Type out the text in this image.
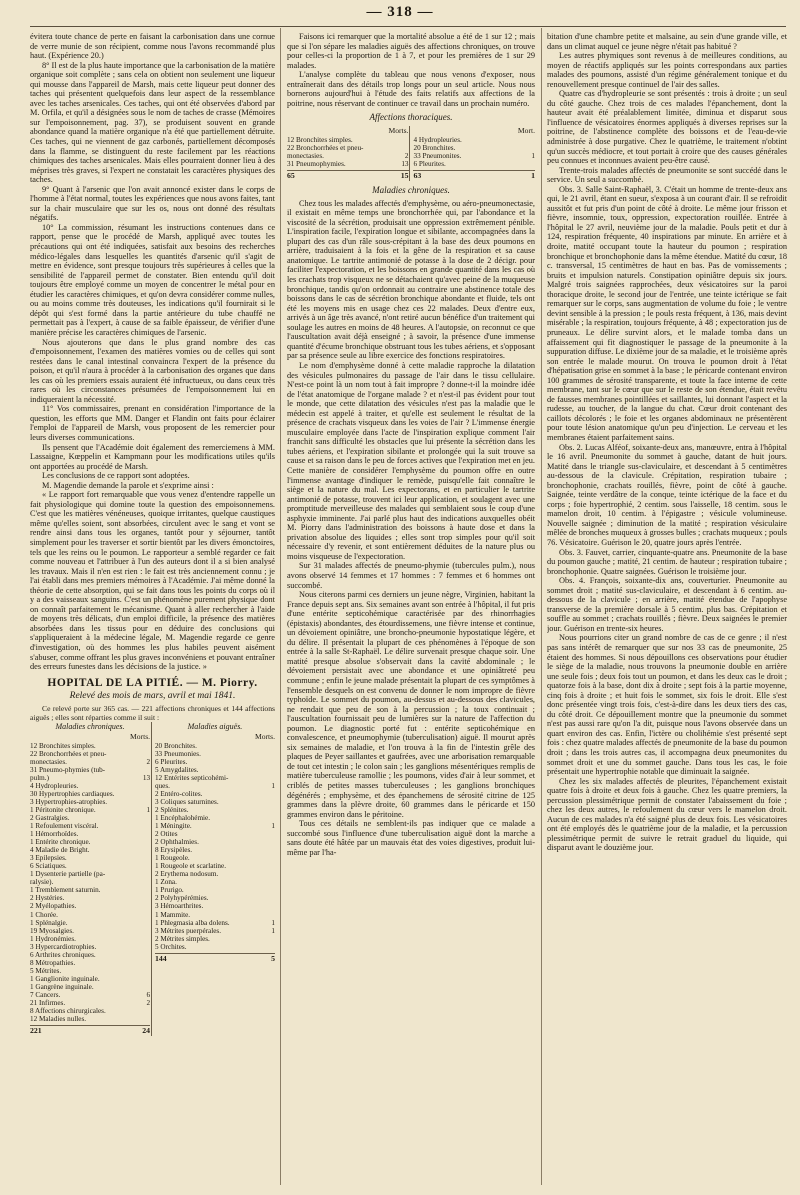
— 318 —

évitera toute chance de perte en faisant la carbonisation dans une cornue de verre munie de son récipient, comme nous l'avons recommandé plus haut. (Expérience 20.)

8° Il est de la plus haute importance que la carbonisation de la matière organique soit complète ; sans cela on obtient non seulement une liqueur qui mousse dans l'appareil de Marsh, mais cette liqueur peut donner des taches qui présentent quelquefois dans leur aspect de la ressemblance avec les taches arsenicales. Ces taches, qui ont été observées d'abord par M. Orfila, et qu'il a désignées sous le nom de taches de crasse (Mémoires sur l'empoisonnement, pag. 37), se produisent souvent en grande abondance quand la matière organique n'a été que partiellement détruite. Ces taches, qui ne viennent de gaz carbonés, partiellement décomposés dans la flamme, se distinguent du reste facilement par les réactions chimiques des taches arsenicales. Mais elles pourraient donner lieu à des méprises très graves, si l'expert ne constatait les caractères physiques des taches.

9° Quant à l'arsenic que l'on avait annoncé exister dans le corps de l'homme à l'état normal, toutes les expériences que nous avons faites, tant sur la chair musculaire que sur les os, nous ont donné des résultats négatifs.

10° La commission, résumant les instructions contenues dans ce rapport, pense que le procédé de Marsh, appliqué avec toutes les précautions qui ont été indiquées, satisfait aux besoins des recherches médico-légales dans lesquelles les quantités d'arsenic qu'il s'agit de mettre en évidence, sont presque toujours très supérieures à celles que la sensibilité de l'appareil permet de constater. Bien entendu qu'il doit toujours être employé comme un moyen de concentrer le métal pour en étudier les caractères chimiques, et qu'on devra considérer comme nulles, ou au moins comme très douteuses, les indications qu'il fournirait si le dépôt qui s'est formé dans la partie antérieure du tube chauffé ne permettait pas à l'expert, à cause de sa faible épaisseur, de vérifier d'une manière précise les caractères chimiques de l'arsenic.

Nous ajouterons que dans le plus grand nombre des cas d'empoisonnement, l'examen des matières vomies ou de celles qui sont restées dans le canal intestinal convaincra l'expert de la présence du poison, et qu'il n'aura à procéder à la carbonisation des organes que dans les cas où les premiers essais auraient été infructueux, ou dans ceux très rares où les circonstances présumées de l'empoisonnement lui en indiqueraient la nécessité.

11° Vos commissaires, prenant en considération l'importance de la question, les efforts que MM. Danger et Flandin ont faits pour éclairer l'emploi de l'appareil de Marsh, vous proposent de les remercier pour leurs diverses communications.

Ils pensent que l'Académie doit également des remerciemens à MM. Lassaigne, Kœppelin et Kampmann pour les modifications utiles qu'ils ont apportées au procédé de Marsh.

Les conclusions de ce rapport sont adoptées.

M. Magendie demande la parole et s'exprime ainsi :

« Le rapport fort remarquable que vous venez d'entendre rappelle un fait physiologique qui domine toute la question des empoisonnemens. C'est que les matières vénéneuses, quoique irritantes, quelque caustiques même qu'elles soient, sont absorbées, circulent avec le sang et vont se rendre ainsi dans tous les organes, tantôt pour y séjourner, tantôt simplement pour les traverser et sortir bientôt par les divers émonctoires, tels que les reins ou le poumon. Le rapporteur a semblé regarder ce fait comme nouveau et l'attribuer à l'un des auteurs dont il a si bien analysé les travaux. Mais il n'en est rien : le fait est très anciennement connu ; je l'ai établi dans mes premiers mémoires à l'Académie. J'ai même donné la théorie de cette absorption, qui se fait dans tous les points du corps où il y a des vaisseaux sanguins. C'est un phénomène purement physique dont on connaît parfaitement le mécanisme. Quant à aller rechercher à l'aide de moyens très délicats, d'un emploi difficile, la présence des matières absorbées dans les tissus pour en déduire des conclusions qui s'appliqueraient à la médecine légale, M. Magendie regarde ce genre d'investigation, où des hommes les plus habiles peuvent aisément s'abuser, comme offrant les plus graves inconvéniens et pouvant entraîner des erreurs funestes dans les décisions de la justice. »

HOPITAL DE LA PITIÉ. — M. Piorry.
Relevé des mois de mars, avril et mai 1841.

Ce relevé porte sur 365 cas. — 221 affections chroniques et 144 affections aiguës ; elles sont réparties comme il suit :

Maladies chroniques.
Morts.
12 Bronchites simples.
22 Bronchorrhées et pneu-
monectasies.	2
31 Pneumo-phymies (tub-
pulm.)	13
4 Hydropleuries.
30 Hypertrophies cardiaques.
3 Hypertrophies-atrophies.
1 Péritonite chronique.	1
2 Gastralgies.
1 Refoulement viscéral.
1 Hémorrhoïdes.
1 Entérite chronique.
4 Maladie de Bright.
3 Epilepsies.
6 Sciatiques.
1 Dysenterie partielle (pa-
ralysie).
1 Tremblement saturnin.
2 Hystéries.
2 Myélopathies.
1 Chorée.
1 Splénalgie.
19 Myosalgies.
1 Hydronémies.
3 Hypercardiotrophies.
6 Arthrites chroniques.
8 Métropathies.
5 Métrites.
1 Ganglionite inguinale.
1 Gangrène inguinale.
7 Cancers.	6
21 Infirmes.	2
8 Affections chirurgicales.
12 Maladies nulles.
221	24
Maladies aiguës.
Morts.
20 Bronchites.
33 Pneumonies.
6 Pleurites.
5 Amygdalites.
12 Entérites septicohémi-
ques.	1
2 Entéro-colites.
3 Coliques saturnines.
2 Splénites.
1 Encéphalohémie.
1 Méningite.	1
2 Otites
2 Ophthalmies.
8 Erysipèles.
1 Rougeole.
1 Rougeole et scarlatine.
2 Erythema nodosum.
1 Zona.
1 Prurigo.
2 Polyhypérémies.
3 Hémoarthrites.
1 Mammite.
1 Phlegmasia alba dolens.	1
3 Métrites puerpérales.	1
2 Métrites simples.
5 Orchites.
144	5

Faisons ici remarquer que la mortalité absolue a été de 1 sur 12 ; mais que si l'on sépare les maladies aiguës des affections chroniques, on trouve pour celles-ci la proportion de 1 à 7, et pour les premières de 1 sur 29 malades.

L'analyse complète du tableau que nous venons d'exposer, nous entraînerait dans des détails trop longs pour un seul article. Nous nous bornerons aujourd'hui à l'étude des faits relatifs aux affections de la poitrine, nous réservant de continuer ce travail dans un prochain numéro.

Affections thoraciques.
Morts.
12 Bronchites simples.
22 Bronchorrhées et pneu-
monectasies.	2
31 Pneumophymies.	13
65	15
Mort.
4 Hydropleuries.
20 Bronchites.
33 Pneumonites.	1
6 Pleurites.
63	1
Maladies chroniques.

Chez tous les malades affectés d'emphysème, ou aéro-pneumonectasie, il existait en même temps une bronchorrhée qui, par l'abondance et la viscosité de la sécrétion, produisait une oppression extrêmement pénible. L'inspiration facile, l'expiration longue et sibilante, accompagnées dans la plupart des cas d'un râle sous-crépitant à la base des deux poumons en arrière, traduisaient à la fois et la gêne de la respiration et sa cause anatomique. Le tartrite antimonié de potasse à la dose de 2 décigr. pour faciliter l'expectoration, et les boissons en grande quantité dans les cas où les crachats trop visqueux ne se détachaient qu'avec peine de la muqueuse bronchique, tandis qu'on ordonnait au contraire une abstinence totale des boissons dans le cas de sécrétion bronchique abondante et fluide, tels ont été les moyens mis en usage chez ces 22 malades. Deux d'entre eux, arrivés à un âge très avancé, n'ont retiré aucun bénéfice d'un traitement qui soulage les autres en moins de 48 heures. A l'autopsie, on reconnut ce que l'auscultation avait déjà enseigné ; à savoir, la présence d'une immense quantité d'écume bronchique obstruant tous les tubes aériens, et s'opposant par sa présence seule au libre exercice des fonctions respiratoires.

Le nom d'emphysème donné à cette maladie rapproche la dilatation des vésicules pulmonaires du passage de l'air dans le tissu cellulaire. N'est-ce point là un nom tout à fait impropre ? donne-t-il la moindre idée de l'état anatomique de l'organe malade ? et n'est-il pas évident pour tout le monde, que cette dilatation des vésicules n'est pas la maladie que le médecin est appelé à traiter, et qu'elle est seulement le résultat de la présence de crachats visqueux dans les voies de l'air ? L'immense énergie musculaire employée dans l'acte de l'inspiration explique comment l'air franchit sans difficulté les obstacles que lui présente la sécrétion dans les tubes aériens, et l'expiration sibilante et prolongée qui la suit trouve sa cause et sa raison dans le peu de forces actives que l'expiration met en jeu. Cette manière de considérer l'emphysème du poumon offre en outre l'immense avantage d'indiquer le remède, puisqu'elle fait connaître le siège et la nature du mal. Les expectorans, et en particulier le tartrite antimonié de potasse, trouvent ici leur application, et soulagent avec une promptitude merveilleuse des malades qui semblaient sous le coup d'une asphyxie imminente. J'ai parlé plus haut des indications auxquelles obéit M. Piorry dans l'administration des boissons à haute dose et dans la privation absolue des liquides ; elles sont trop simples pour qu'il soit nécessaire d'y revenir, et sont entièrement déduites de la nature plus ou moins visqueuse de l'expectoration.

Sur 31 malades affectés de pneumo-phymie (tubercules pulm.), nous avons observé 14 femmes et 17 hommes : 7 femmes et 6 hommes ont succombé.

Nous citerons parmi ces derniers un jeune nègre, Virginien, habitant la France depuis sept ans. Six semaines avant son entrée à l'hôpital, il fut pris d'une entérite septicohémique caractérisée par des rhinorrhagies (épistaxis) abondantes, des étourdissemens, une fièvre intense et continue, un dévoiement opiniâtre, une broncho-pneumonie hypostatique légère, et du délire. Il présentait la plupart de ces phénomènes à l'époque de son entrée à la salle St-Raphaël. Le délire survenait presque chaque soir. Une matité presque absolue s'observait dans la cavité abdominale ; le dévoiement persistait avec une abondance et une opiniâtreté peu commune ; enfin le jeune malade présentait la plupart de ces symptômes à l'ensemble desquels on est convenu de donner le nom impropre de fièvre typhoïde. Le sommet du poumon, au-dessus et au-dessous des clavicules, ne rendait que peu de son à la percussion ; la toux continuait ; l'auscultation fournissait peu de lumières sur la nature de l'affection du poumon. Le diagnostic porté fut : entérite septicohémique en convalescence, et pneumophymie (tuberculisation) aiguë. Il mourut après six semaines de maladie, et l'on trouva à la fin de l'intestin grêle des plaques de Peyer saillantes et gaufrées, avec une arborisation remarquable de tout cet intestin ; le colon sain ; les ganglions mésentériques remplis de matière tuberculeuse ramollie ; les poumons, vides d'air à leur sommet, et criblés de petites masses tuberculeuses ; les ganglions bronchiques dégénérés ; emphysème, et des épanchemens de sérosité citrine de 125 grammes dans la plèvre droite, 60 grammes dans le péricarde et 150 grammes environ dans le péritoine.

Tous ces détails ne semblent-ils pas indiquer que ce malade a succombé sous l'influence d'une tuberculisation aiguë dont la marche a sans doute été hâtée par un mauvais état des voies digestives, produit lui-même par l'ha-

bitation d'une chambre petite et malsaine, au sein d'une grande ville, et dans un climat auquel ce jeune nègre n'était pas habitué ?

Les autres phymiques sont revenus à de meilleures conditions, au moyen de réactifs appliqués sur les points correspondans aux parties malades des poumons, assisté d'un régime généralement tonique et du renouvellement presque continuel de l'air des salles.

Quatre cas d'hydropleurie se sont présentés : trois à droite ; un seul du côté gauche. Chez trois de ces malades l'épanchement, dont la hauteur avait été préalablement limitée, diminua et disparut sous l'influence de vésicatoires énormes appliqués à diverses reprises sur la poitrine, de l'abstinence complète des boissons et de l'eau-de-vie administrée à dose purgative. Chez le quatrième, le traitement n'obtint qu'un succès médiocre, et tout portait à croire que des causes générales peu connues et inconnues avaient peu-être causé.

Trente-trois malades affectés de pneumonite se sont succédé dans le service. Un seul a succombé.

Obs. 3. Salle Saint-Raphaël, 3. C'était un homme de trente-deux ans qui, le 21 avril, étant en sueur, s'exposa à un courant d'air. Il se refroidit aussitôt et fut pris d'un point de côté à droite. Le même jour frisson et fièvre, insomnie, toux, oppression, expectoration rouillée. Entrée à l'hôpital le 27 avril, neuvième jour de la maladie. Pouls petit et dur à 124, respiration fréquente, 40 inspirations par minute. En arrière et à droite, matité occupant toute la hauteur du poumon ; respiration bronchique et bronchophonie dans la même étendue. Matité du cœur, 18 c. transversal, 15 centimètres de haut en bas. Pas de vomissements ; bruits et impulsion naturels. Constipation opiniâtre depuis six jours. Malgré trois saignées rapprochées, deux vésicatoires sur la paroi thoracique droite, le second jour de l'entrée, une teinte ictérique se fait remarquer sur le corps, sans augmentation de volume du foie ; le ventre devint sensible à la pression ; le pouls resta fréquent, à 136, mais devint misérable ; la respiration, toujours fréquente, à 48 ; expectoration jus de pruneaux. Le délire survint alors, et le malade tomba dans un affaissement qui fit diagnostiquer le passage de la pneumonite à la suppuration diffuse. Le dixième jour de sa maladie, et le troisième après son entrée le malade mourut. On trouva le poumon droit à l'état d'hépatisation grise en sommet à la base ; le péricarde contenant environ 100 grammes de sérosité transparente, et toute la face interne de cette membrane, tant sur le cœur que sur le reste de son étendue, était revêtu de fausses membranes pointillées et saillantes, lui donnant l'aspect et la rudesse, au toucher, de la langue du chat. Cœur droit contenant des caillots décolorés ; le foie et les organes abdominaux ne présentèrent pour toute lésion anatomique qu'un peu d'injection. Le cerveau et les membranes étaient parfaitement sains.

Obs. 2. Lucas Alféof, soixante-deux ans, manœuvre, entra à l'hôpital le 16 avril. Pneumonite du sommet à gauche, datant de huit jours. Matité dans le triangle sus-claviculaire, et descendant à 5 centimètres au-dessous de la clavicule. Crépitation, respiration tubaire ; bronchophonie, crachats rouillés, fièvre, point de côté à gauche. Saignée, teinte verdâtre de la conque, teinte ictérique de la face et du corps ; foie hypertrophié, 2 centim. sous l'aisselle, 18 centim. sous le mamelon droit, 10 centim. à l'épigastre ; vésicule volumineuse. Nouvelle saignée ; diminution de la matité ; respiration vésiculaire mêlée de bronches muqueux à grosses bulles ; crachats muqueux ; pouls 76. Vésicatoire. Guérison le 20, quatre jours après l'entrée.

Obs. 3. Fauvet, carrier, cinquante-quatre ans. Pneumonite de la base du poumon gauche ; matité, 21 centim. de hauteur ; respiration tubaire ; bronchophonie. Quatre saignées. Guérison le troisième jour.

Obs. 4. François, soixante-dix ans, couverturier. Pneumonite au sommet droit ; matité sus-claviculaire, et descendant à 6 centim. au-dessous de la clavicule ; en arrière, matité étendue de l'apophyse transverse de la première dorsale à 5 centim. plus bas. Crépitation et souffle au sommet ; crachats rouillés ; fièvre. Deux saignées le premier jour. Guérison en trente-six heures.

Nous pourrions citer un grand nombre de cas de ce genre ; il n'est pas sans intérêt de remarquer que sur nos 33 cas de pneumonite, 25 étaient des hommes. Si nous dépouillons ces observations pour étudier le siège de la maladie, nous trouvons la pneumonie double en arrière une seule fois ; deux fois tout un poumon, et dans les deux cas le droit ; quatorze fois à la base, dont dix à droite ; sept fois à la partie moyenne, cinq fois à droite ; et huit fois le sommet, six fois le droit. Elle s'est donc présentée vingt trois fois, c'est-à-dire dans les deux tiers des cas, du côté droit. Ce dépouillement montre que la pneumonie du sommet n'est pas aussi rare qu'on l'a dit, puisque nous l'avons observée dans un quart environ des cas. Enfin, l'ictère ou cholihémie s'est présenté sept fois : chez quatre malades affectés de pneumonite de la base du poumon droit ; dans les trois autres cas, il accompagna deux pneumonites du sommet droit et une du sommet gauche. Dans tous les cas, le foie présentait une hypertrophie notable que diminuait la saignée.

Chez les six malades affectés de pleurites, l'épanchement existait quatre fois à droite et deux fois à gauche. Chez les quatre premiers, la percussion plessimétrique permit de constater l'abaissement du foie ; chez les deux autres, le refoulement du cœur vers le mamelon droit. Aucun de ces malades n'a été saigné plus de deux fois. Les vésicatoires ont été employés dès le quatrième jour de la maladie, et la percussion plessimétrique permit de suivre le retrait graduel du liquide, qui disparut avant le douzième jour.
